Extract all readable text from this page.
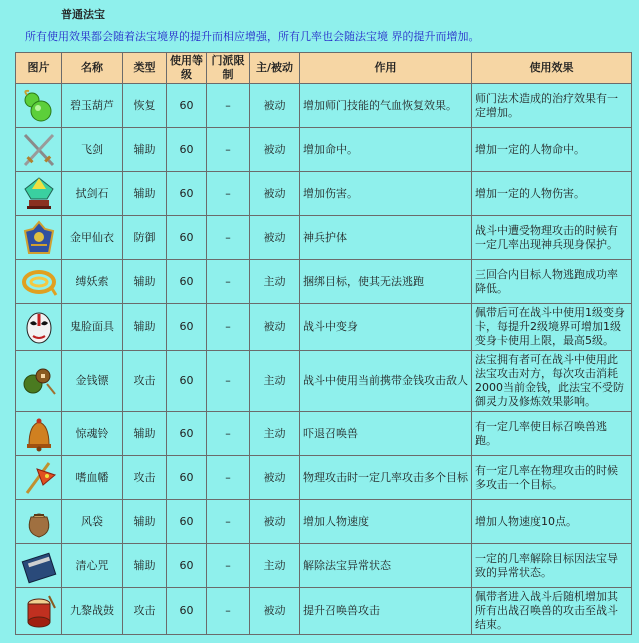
普通法宝
所有使用效果都会随着法宝境界的提升而相应增强，所有几率也会随法宝境 界的提升而增加。
图片	名称	类型	使用等级	门派限制	主/被动	作用	使用效果

	碧玉葫芦	恢复	60	–	被动	增加师门技能的气血恢复效果。	师门法术造成的治疗效果有一定增加。

	飞剑	辅助	60	–	被动	增加命中。	增加一定的人物命中。

	拭剑石	辅助	60	–	被动	增加伤害。	增加一定的人物伤害。

	金甲仙衣	防御	60	–	被动	神兵护体	战斗中遭受物理攻击的时候有一定几率出现神兵现身保护。

	缚妖索	辅助	60	–	主动	捆绑目标，使其无法逃跑	三回合内目标人物逃跑成功率降低。

	鬼脸面具	辅助	60	–	被动	战斗中变身	佩带后可在战斗中使用1级变身卡，每提升2级境界可增加1级变身卡使用上限，最高5级。

	金钱镖	攻击	60	–	主动	战斗中使用当前携带金钱攻击敌人	法宝拥有者可在战斗中使用此法宝攻击对方，每次攻击消耗2000当前金钱，此法宝不受防御灵力及修炼效果影响。

	惊魂铃	辅助	60	–	主动	吓退召唤兽	有一定几率使目标召唤兽逃跑。

	嗜血幡	攻击	60	–	被动	物理攻击时一定几率攻击多个目标	有一定几率在物理攻击的时候多攻击一个目标。

	风袋	辅助	60	–	被动	增加人物速度	增加人物速度10点。

	清心咒	辅助	60	–	主动	解除法宝异常状态	一定的几率解除目标因法宝导致的异常状态。

	九黎战鼓	攻击	60	–	被动	提升召唤兽攻击	佩带者进入战斗后随机增加其所有出战召唤兽的攻击至战斗结束。
